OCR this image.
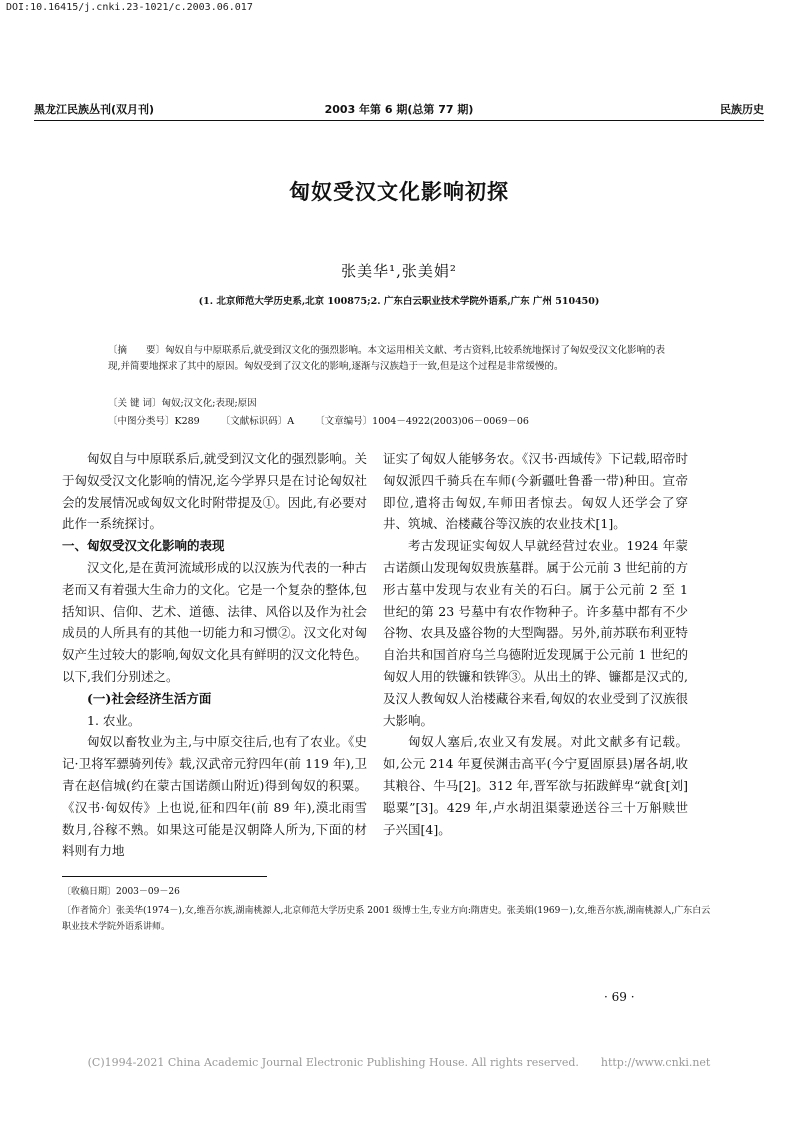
DOI:10.16415/j.cnki.23-1021/c.2003.06.017
黑龙江民族丛刊(双月刊)	2003 年第 6 期(总第 77 期)	民族历史
匈奴受汉文化影响初探
张美华¹,张美娟²
(1. 北京师范大学历史系,北京 100875;2. 广东白云职业技术学院外语系,广东 广州 510450)
〔摘　　要〕匈奴自与中原联系后,就受到汉文化的强烈影响。本文运用相关文献、考古资料,比较系统地探讨了匈奴受汉文化影响的表现,并简要地探求了其中的原因。匈奴受到了汉文化的影响,逐渐与汉族趋于一致,但是这个过程是非常缓慢的。
〔关 键 词〕匈奴;汉文化;表现;原因
〔中图分类号〕K289 〔文献标识码〕A 〔文章编号〕1004－4922(2003)06－0069－06

匈奴自与中原联系后,就受到汉文化的强烈影响。关于匈奴受汉文化影响的情况,迄今学界只是在讨论匈奴社会的发展情况或匈奴文化时附带提及①。因此,有必要对此作一系统探讨。

一、匈奴受汉文化影响的表现

汉文化,是在黄河流域形成的以汉族为代表的一种古老而又有着强大生命力的文化。它是一个复杂的整体,包括知识、信仰、艺术、道德、法律、风俗以及作为社会成员的人所具有的其他一切能力和习惯②。汉文化对匈奴产生过较大的影响,匈奴文化具有鲜明的汉文化特色。以下,我们分别述之。

(一)社会经济生活方面

1. 农业。

匈奴以畜牧业为主,与中原交往后,也有了农业。《史记·卫将军骠骑列传》载,汉武帝元狩四年(前 119 年),卫青在赵信城(约在蒙古国诺颜山附近)得到匈奴的积粟。《汉书·匈奴传》上也说,征和四年(前 89 年),漠北雨雪数月,谷稼不熟。如果这可能是汉朝降人所为,下面的材料则有力地

证实了匈奴人能够务农。《汉书·西域传》下记载,昭帝时匈奴派四千骑兵在车师(今新疆吐鲁番一带)种田。宣帝即位,遣将击匈奴,车师田者惊去。匈奴人还学会了穿井、筑城、治楼藏谷等汉族的农业技术[1]。

考古发现证实匈奴人早就经营过农业。1924 年蒙古诺颜山发现匈奴贵族墓群。属于公元前 3 世纪前的方形古墓中发现与农业有关的石臼。属于公元前 2 至 1 世纪的第 23 号墓中有农作物种子。许多墓中都有不少谷物、农具及盛谷物的大型陶器。另外,前苏联布利亚特自治共和国首府乌兰乌德附近发现属于公元前 1 世纪的匈奴人用的铁镰和铁铧③。从出土的铧、镰都是汉式的,及汉人教匈奴人治楼藏谷来看,匈奴的农业受到了汉族很大影响。

匈奴人塞后,农业又有发展。对此文献多有记载。如,公元 214 年夏侯渊击高平(今宁夏固原县)屠各胡,收其粮谷、牛马[2]。312 年,晋军欲与拓跋鲜卑“就食[刘]聪粟”[3]。429 年,卢水胡沮渠蒙逊送谷三十万斛赎世子兴国[4]。

〔收稿日期〕2003－09－26
〔作者简介〕张美华(1974－),女,维吾尔族,湖南桃源人,北京师范大学历史系 2001 级博士生,专业方向:隋唐史。张美娟(1969－),女,维吾尔族,湖南桃源人,广东白云职业技术学院外语系讲师。
· 69 ·
(C)1994-2021 China Academic Journal Electronic Publishing House. All rights reserved.　　http://www.cnki.net
